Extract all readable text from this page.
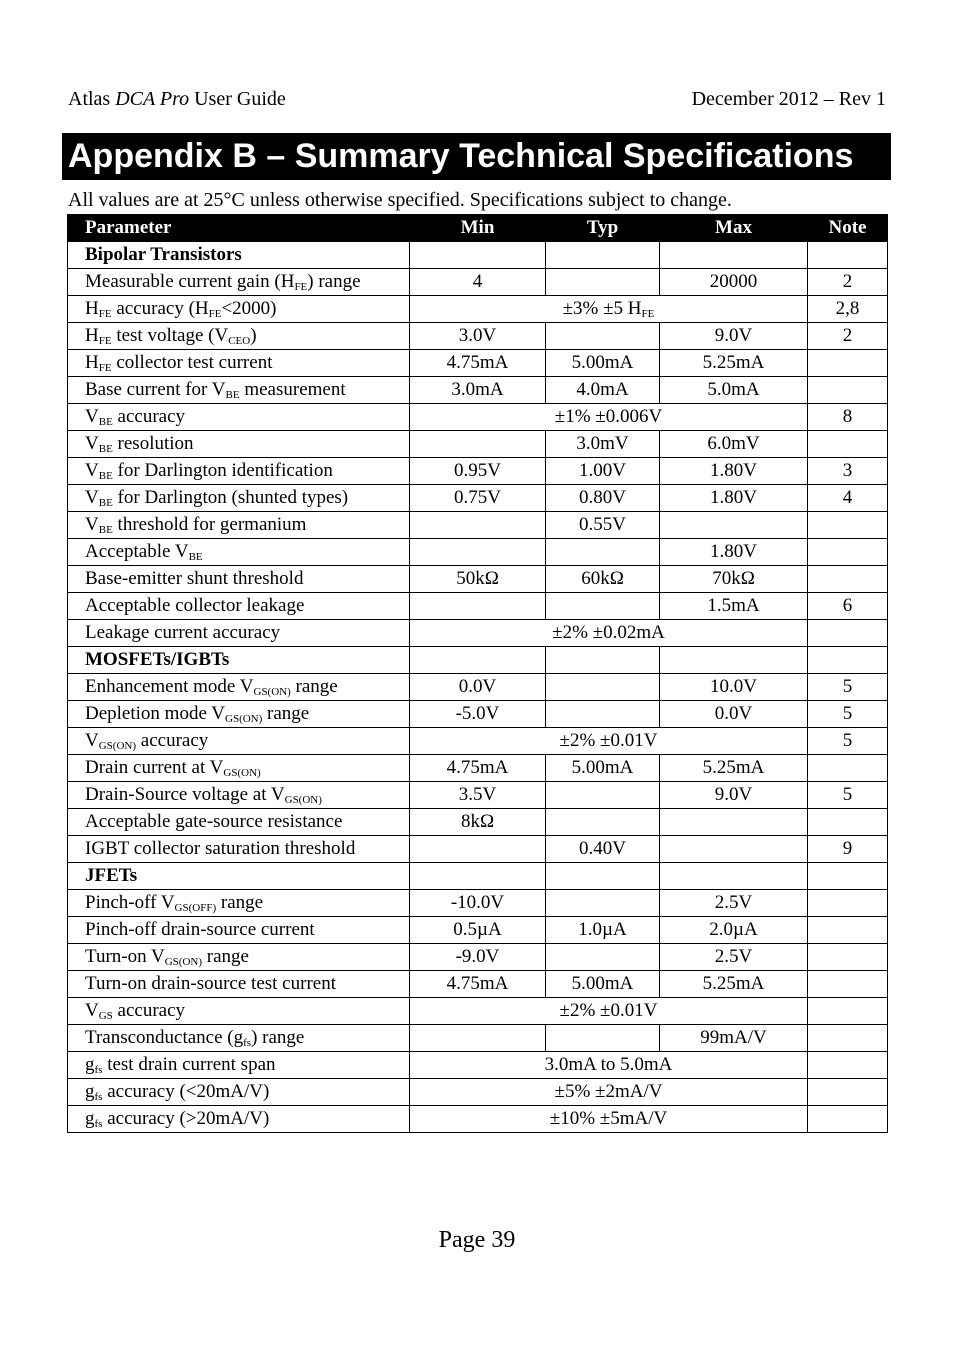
Atlas DCA Pro User Guide	December 2012 – Rev 1
Appendix B – Summary Technical Specifications
All values are at 25°C unless otherwise specified. Specifications subject to change.
Parameter	Min	Typ	Max	Note
Bipolar Transistors				
Measurable current gain $(H_{FE})$ range	4		20000	2
$H_{FE}$ accuracy $(H_{FE}<2000)$	±3% ±5 $H_{FE}$			2,8
$H_{FE}$ test voltage $(V_{CEO})$	3.0V		9.0V	2
$H_{FE}$ collector test current	4.75mA	5.00mA	5.25mA	
Base current for $V_{BE}$ measurement	3.0mA	4.0mA	5.0mA	
$V_{BE}$ accuracy	±1% ±0.006V			8
$V_{BE}$ resolution		3.0mV	6.0mV	
$V_{BE}$ for Darlington identification	0.95V	1.00V	1.80V	3
$V_{BE}$ for Darlington (shunted types)	0.75V	0.80V	1.80V	4
$V_{BE}$ threshold for germanium		0.55V		
Acceptable $V_{BE}$			1.80V	
Base-emitter shunt threshold	50kΩ	60kΩ	70kΩ	
Acceptable collector leakage			1.5mA	6
Leakage current accuracy	±2% ±0.02mA			
MOSFETs/IGBTs				
Enhancement mode $V_{GS(ON)}$ range	0.0V		10.0V	5
Depletion mode $V_{GS(ON)}$ range	-5.0V		0.0V	5
$V_{GS(ON)}$ accuracy	±2% ±0.01V			5
Drain current at $V_{GS(ON)}$	4.75mA	5.00mA	5.25mA	
Drain-Source voltage at $V_{GS(ON)}$	3.5V		9.0V	5
Acceptable gate-source resistance	8kΩ			
IGBT collector saturation threshold		0.40V		9
JFETs				
Pinch-off $V_{GS(OFF)}$ range	-10.0V		2.5V	
Pinch-off drain-source current	0.5µA	1.0µA	2.0µA	
Turn-on $V_{GS(ON)}$ range	-9.0V		2.5V	
Turn-on drain-source test current	4.75mA	5.00mA	5.25mA	
$V_{GS}$ accuracy	±2% ±0.01V			
Transconductance $(g_{fs})$ range			99mA/V	
$g_{fs}$ test drain current span	3.0mA to 5.0mA			
$g_{fs}$ accuracy (<20mA/V)	±5% ±2mA/V			
$g_{fs}$ accuracy (>20mA/V)	±10% ±5mA/V			
Page 39
